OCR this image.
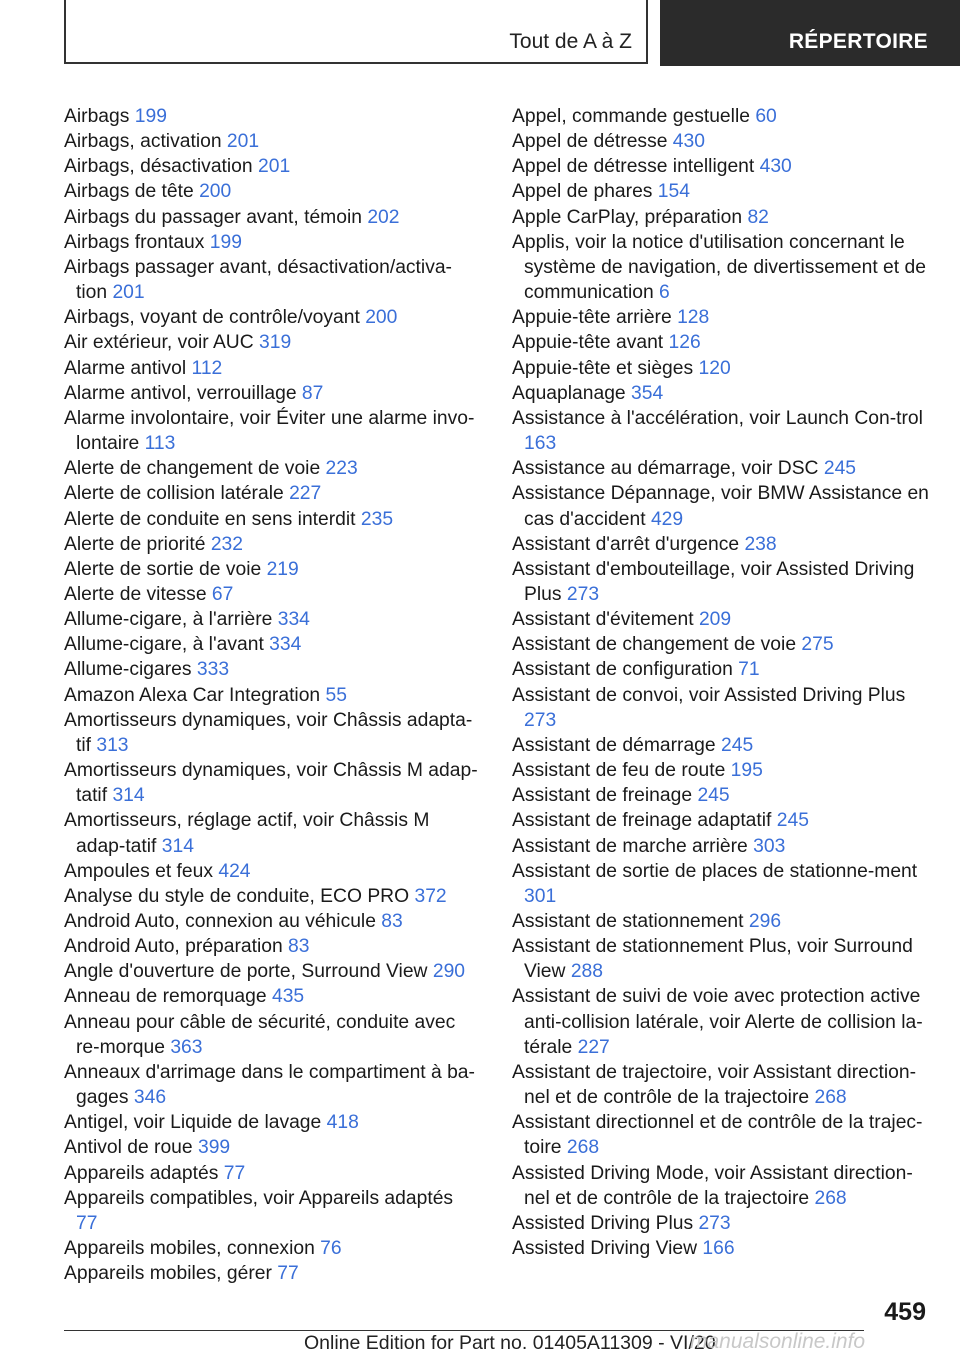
Tout de A à Z	RÉPERTOIRE
Airbags 199
Airbags, activation 201
Airbags, désactivation 201
Airbags de tête 200
Airbags du passager avant, témoin 202
Airbags frontaux 199
Airbags passager avant, désactivation/activa-tion 201
Airbags, voyant de contrôle/voyant 200
Air extérieur, voir AUC 319
Alarme antivol 112
Alarme antivol, verrouillage 87
Alarme involontaire, voir Éviter une alarme invo-lontaire 113
Alerte de changement de voie 223
Alerte de collision latérale 227
Alerte de conduite en sens interdit 235
Alerte de priorité 232
Alerte de sortie de voie 219
Alerte de vitesse 67
Allume-cigare, à l'arrière 334
Allume-cigare, à l'avant 334
Allume-cigares 333
Amazon Alexa Car Integration 55
Amortisseurs dynamiques, voir Châssis adapta-tif 313
Amortisseurs dynamiques, voir Châssis M adap-tatif 314
Amortisseurs, réglage actif, voir Châssis M adap-tatif 314
Ampoules et feux 424
Analyse du style de conduite, ECO PRO 372
Android Auto, connexion au véhicule 83
Android Auto, préparation 83
Angle d'ouverture de porte, Surround View 290
Anneau de remorquage 435
Anneau pour câble de sécurité, conduite avec re-morque 363
Anneaux d'arrimage dans le compartiment à ba-gages 346
Antigel, voir Liquide de lavage 418
Antivol de roue 399
Appareils adaptés 77
Appareils compatibles, voir Appareils adaptés 77
Appareils mobiles, connexion 76
Appareils mobiles, gérer 77
Appel, commande gestuelle 60
Appel de détresse 430
Appel de détresse intelligent 430
Appel de phares 154
Apple CarPlay, préparation 82
Applis, voir la notice d'utilisation concernant le système de navigation, de divertissement et de communication 6
Appuie-tête arrière 128
Appuie-tête avant 126
Appuie-tête et sièges 120
Aquaplanage 354
Assistance à l'accélération, voir Launch Con-trol 163
Assistance au démarrage, voir DSC 245
Assistance Dépannage, voir BMW Assistance en cas d'accident 429
Assistant d'arrêt d'urgence 238
Assistant d'embouteillage, voir Assisted Driving Plus 273
Assistant d'évitement 209
Assistant de changement de voie 275
Assistant de configuration 71
Assistant de convoi, voir Assisted Driving Plus 273
Assistant de démarrage 245
Assistant de feu de route 195
Assistant de freinage 245
Assistant de freinage adaptatif 245
Assistant de marche arrière 303
Assistant de sortie de places de stationne-ment 301
Assistant de stationnement 296
Assistant de stationnement Plus, voir Surround View 288
Assistant de suivi de voie avec protection active anti-collision latérale, voir Alerte de collision la-térale 227
Assistant de trajectoire, voir Assistant direction-nel et de contrôle de la trajectoire 268
Assistant directionnel et de contrôle de la trajec-toire 268
Assisted Driving Mode, voir Assistant direction-nel et de contrôle de la trajectoire 268
Assisted Driving Plus 273
Assisted Driving View 166
459
Online Edition for Part no. 01405A11309 - VI/20
manualsonline.info
